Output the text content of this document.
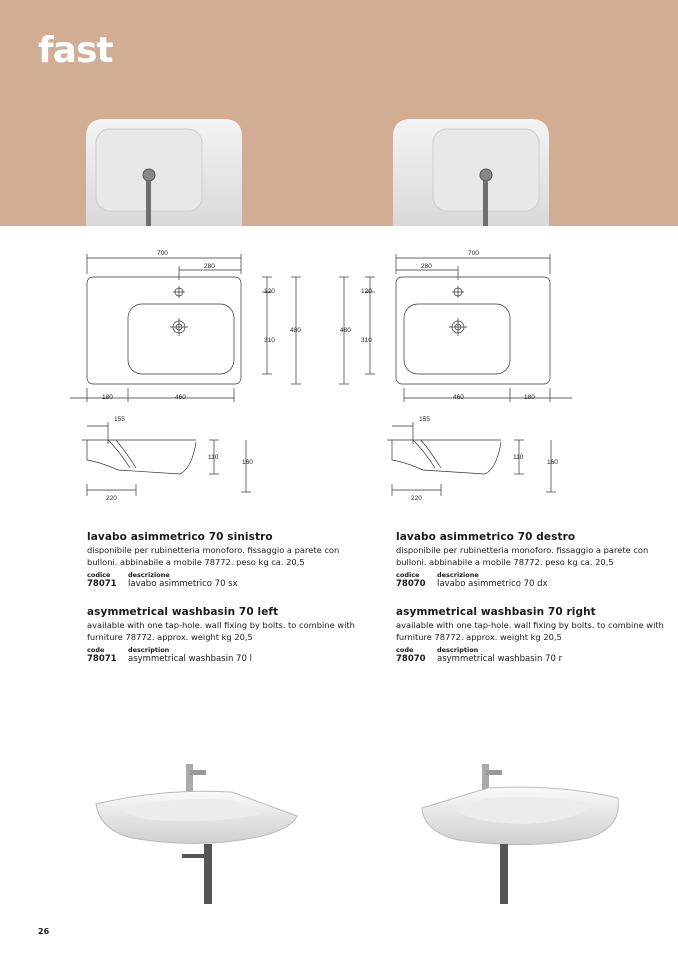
fast
700
280
120
310
480
180	460
155
110
160
220
700
280
120
310
480
460	180
155
110
160
220
lavabo asimmetrico 70 sinistro
disponibile per rubinetteria monoforo. fissaggio a parete con
bulloni. abbinabile a mobile 78772. peso kg ca. 20,5
codice	descrizione
78071	lavabo asimmetrico 70 sx
lavabo asimmetrico 70 destro
disponibile per rubinetteria monoforo. fissaggio a parete con
bulloni. abbinabile a mobile 78772. peso kg ca. 20,5
codice	descrizione
78070	lavabo asimmetrico 70 dx
asymmetrical washbasin 70 left
available with one tap-hole. wall fixing by bolts. to combine with
furniture 78772. approx. weight kg 20,5
code	description
78071	asymmetrical washbasin 70 l
asymmetrical washbasin 70 right
available with one tap-hole. wall fixing by bolts. to combine with
furniture 78772. approx. weight kg 20,5
code	description
78070	asymmetrical washbasin 70 r
26
